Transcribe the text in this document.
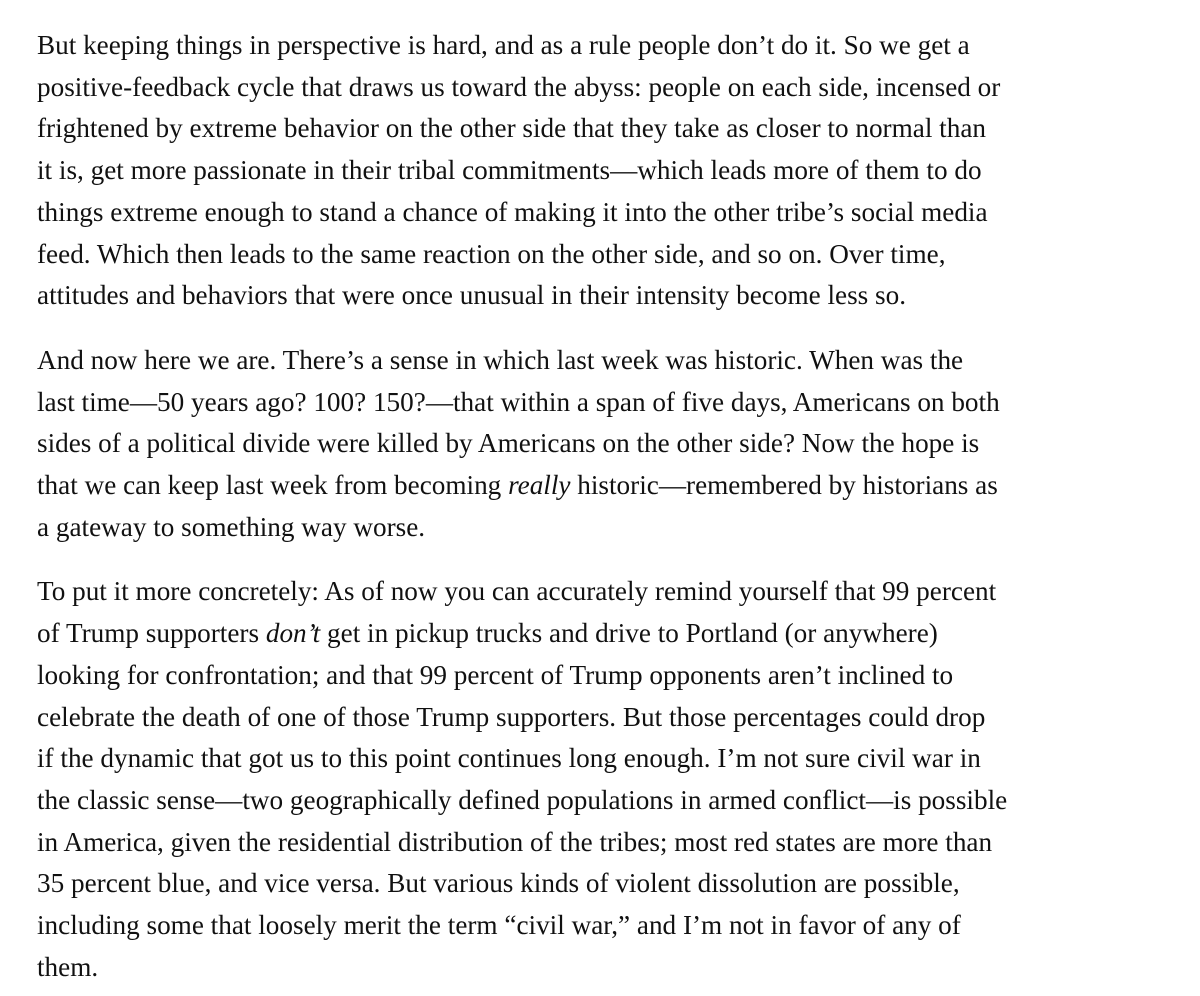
But keeping things in perspective is hard, and as a rule people don’t do it. So we get a
positive-feedback cycle that draws us toward the abyss: people on each side, incensed or
frightened by extreme behavior on the other side that they take as closer to normal than
it is, get more passionate in their tribal commitments—which leads more of them to do
things extreme enough to stand a chance of making it into the other tribe’s social media
feed. Which then leads to the same reaction on the other side, and so on. Over time,
attitudes and behaviors that were once unusual in their intensity become less so.

And now here we are. There’s a sense in which last week was historic. When was the
last time—50 years ago? 100? 150?—that within a span of five days, Americans on both
sides of a political divide were killed by Americans on the other side? Now the hope is
that we can keep last week from becoming really historic—remembered by historians as
a gateway to something way worse.

To put it more concretely: As of now you can accurately remind yourself that 99 percent
of Trump supporters don’t get in pickup trucks and drive to Portland (or anywhere)
looking for confrontation; and that 99 percent of Trump opponents aren’t inclined to
celebrate the death of one of those Trump supporters. But those percentages could drop
if the dynamic that got us to this point continues long enough. I’m not sure civil war in
the classic sense—two geographically defined populations in armed conflict—is possible
in America, given the residential distribution of the tribes; most red states are more than
35 percent blue, and vice versa. But various kinds of violent dissolution are possible,
including some that loosely merit the term “civil war,” and I’m not in favor of any of
them.
